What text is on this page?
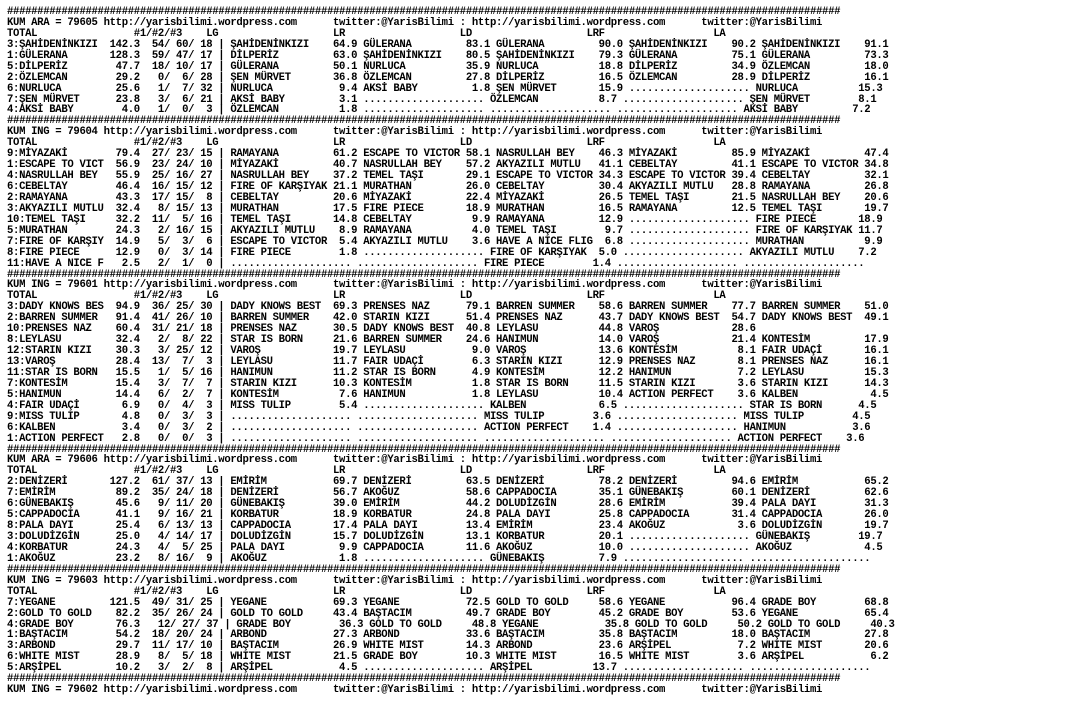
##########################################################################################################################################
KUM ARA = 79605 http://yarisbilimi.wordpress.com      twitter:@YarisBilimi : http://yarisbilimi.wordpress.com      twitter:@YarisBilimi
TOTAL                #1/#2/#3    LG                   LR                   LD                   LRF                  LA
3:ŞAHİDENİNKIZI  142.3  54/ 60/ 18 | ŞAHİDENİNKIZI    64.9 GÜLERANA         83.1 GÜLERANA         90.0 ŞAHİDENİNKIZI    90.2 ŞAHİDENİNKIZI    91.1
1:GÜLERANA       128.3  59/ 47/ 17 | DİLPERİZ         63.0 ŞAHİDENİNKIZI    80.5 ŞAHİDENİNKIZI    79.3 GÜLERANA         75.1 GÜLERANA         73.3
5:DİLPERİZ        47.7  18/ 10/ 17 | GÜLERANA         50.1 NURLUCA          35.9 NURLUCA          18.8 DİLPERİZ         34.9 ÖZLEMCAN         18.0
2:ÖZLEMCAN        29.2   0/  6/ 28 | ŞEN MÜRVET       36.8 ÖZLEMCAN         27.8 DİLPERİZ         16.5 ÖZLEMCAN         28.9 DİLPERİZ         16.1
6:NURLUCA         25.6   1/  7/ 32 | NURLUCA           9.4 AKSİ BABY         1.8 ŞEN MÜRVET       15.9 .................... NURLUCA          15.3
7:ŞEN MÜRVET      23.8   3/  6/ 21 | AKSİ BABY         3.1 .................... ÖZLEMCAN          8.7 .................... ŞEN MÜRVET        8.1
4:AKSİ BABY        4.0   1/  0/  3 | ÖZLEMCAN          1.8 .................... .................... .................... AKSİ BABY         7.2
##########################################################################################################################################
KUM ING = 79604 http://yarisbilimi.wordpress.com      twitter:@YarisBilimi : http://yarisbilimi.wordpress.com      twitter:@YarisBilimi
TOTAL                #1/#2/#3    LG                   LR                   LD                   LRF                  LA
9:MİYAZAKİ        79.4  27/ 23/ 15 | RAMAYANA         61.2 ESCAPE TO VICTOR 58.1 NASRULLAH BEY    46.3 MİYAZAKİ         85.9 MİYAZAKİ         47.4
1:ESCAPE TO VICT  56.9  23/ 24/ 10 | MİYAZAKİ         40.7 NASRULLAH BEY    57.2 AKYAZILI MUTLU   41.1 CEBELTAY         41.1 ESCAPE TO VICTOR 34.8
4:NASRULLAH BEY   55.9  25/ 16/ 27 | NASRULLAH BEY    37.2 TEMEL TAŞI       29.1 ESCAPE TO VICTOR 34.3 ESCAPE TO VICTOR 39.4 CEBELTAY         32.1
6:CEBELTAY        46.4  16/ 15/ 12 | FIRE OF KARŞIYAK 21.1 MURATHAN         26.0 CEBELTAY         30.4 AKYAZILI MUTLU   28.8 RAMAYANA         26.8
2:RAMAYANA        43.3  17/ 15/  8 | CEBELTAY         20.6 MİYAZAKİ         22.4 MİYAZAKİ         26.5 TEMEL TAŞI       21.5 NASRULLAH BEY    20.6
3:AKYAZILI MUTLU  32.4   8/ 15/ 13 | MURATHAN         17.5 FIRE PIECE       18.9 MURATHAN         16.5 RAMAYANA         12.5 TEMEL TAŞI       19.7
10:TEMEL TAŞI     32.2  11/  5/ 16 | TEMEL TAŞI       14.8 CEBELTAY          9.9 RAMAYANA         12.9 .................... FIRE PIECE       18.9
5:MURATHAN        24.3   2/ 16/ 15 | AKYAZILI MUTLU    8.9 RAMAYANA          4.0 TEMEL TAŞI        9.7 .................... FIRE OF KARŞIYAK 11.7
7:FIRE OF KARŞIY  14.9   5/  3/  6 | ESCAPE TO VICTOR  5.4 AKYAZILI MUTLU    3.6 HAVE A NICE FLIG  6.8 .................... MURATHAN          9.9
8:FIRE PIECE      12.9   0/  3/ 14 | FIRE PIECE        1.8 .................... FIRE OF KARŞIYAK  5.0 .................... AKYAZILI MUTLU    7.2
11:HAVE A NICE F   2.5   2/  1/  0 | .................... .................... FIRE PIECE        1.4 .................... ....................
##########################################################################################################################################
KUM ING = 79601 http://yarisbilimi.wordpress.com      twitter:@YarisBilimi : http://yarisbilimi.wordpress.com      twitter:@YarisBilimi
TOTAL                #1/#2/#3    LG                   LR                   LD                   LRF                  LA
3:DADY KNOWS BES  94.9  36/ 25/ 30 | DADY KNOWS BEST  69.3 PRENSES NAZ      79.1 BARREN SUMMER    58.6 BARREN SUMMER    77.7 BARREN SUMMER    51.0
2:BARREN SUMMER   91.4  41/ 26/ 10 | BARREN SUMMER    42.0 STARIN KIZI      51.4 PRENSES NAZ      43.7 DADY KNOWS BEST  54.7 DADY KNOWS BEST  49.1
10:PRENSES NAZ    60.4  31/ 21/ 18 | PRENSES NAZ      30.5 DADY KNOWS BEST  40.8 LEYLASU          44.8 VAROŞ            28.6
8:LEYLASU         32.4   2/  8/ 22 | STAR IS BORN     21.6 BARREN SUMMER    24.6 HANIMUN          14.0 VAROŞ            21.4 KONTESİM         17.9
12:STARIN KIZI    30.3   3/ 25/ 12 | VAROŞ            19.7 LEYLASU           9.0 VAROŞ            13.6 KONTESİM          8.1 FAIR UDAÇİ       16.1
13:VAROŞ          28.4  13/  7/  3 | LEYLASU          11.7 FAIR UDAÇİ        6.3 STARIN KIZI      12.9 PRENSES NAZ       8.1 PRENSES NAZ      16.1
11:STAR IS BORN   15.5   1/  5/ 16 | HANIMUN          11.2 STAR IS BORN      4.9 KONTESİM         12.2 HANIMUN           7.2 LEYLASU          15.3
7:KONTESİM        15.4   3/  7/  7 | STARIN KIZI      10.3 KONTESİM          1.8 STAR IS BORN     11.5 STARIN KIZI       3.6 STARIN KIZI      14.3
5:HANIMUN         14.4   6/  2/  7 | KONTESİM          7.6 HANIMUN           1.8 LEYLASU          10.4 ACTION PERFECT    3.6 KALBEN            4.5
4:FAIR UDAÇİ       6.9   0/  4/  3 | MISS TULIP        5.4 .................... KALBEN            6.5 .................... STAR IS BORN      4.5
9:MISS TULIP       4.8   0/  3/  3 | .................... .................... MISS TULIP        3.6 .................... MISS TULIP        4.5
6:KALBEN           3.4   0/  3/  2 | .................... .................... ACTION PERFECT    1.4 .................... HANIMUN           3.6
1:ACTION PERFECT   2.8   0/  0/  3 | .................... .................... .................... .................... ACTION PERFECT    3.6
##########################################################################################################################################
KUM ARA = 79606 http://yarisbilimi.wordpress.com      twitter:@YarisBilimi : http://yarisbilimi.wordpress.com      twitter:@YarisBilimi
TOTAL                #1/#2/#3    LG                   LR                   LD                   LRF                  LA
2:DENİZERİ       127.2  61/ 37/ 13 | EMİRİM           69.7 DENİZERİ         63.5 DENİZERİ         78.2 DENİZERİ         94.6 EMİRİM           65.2
7:EMİRİM          89.2  35/ 24/ 18 | DENİZERİ         56.7 AKOĞUZ           58.6 CAPPADOCIA       35.1 GÜNEBAKIŞ        60.1 DENİZERİ         62.6
6:GÜNEBAKIŞ       45.6   9/ 11/ 20 | GÜNEBAKIŞ        39.0 EMİRİM           44.2 DOLUDİZGİN       28.6 EMİRİM           39.4 PALA DAYI        31.3
5:CAPPADOCIA      41.1   9/ 16/ 21 | KORBATUR         18.9 KORBATUR         24.8 PALA DAYI        25.8 CAPPADOCIA       31.4 CAPPADOCIA       26.0
8:PALA DAYI       25.4   6/ 13/ 13 | CAPPADOCIA       17.4 PALA DAYI        13.4 EMİRİM           23.4 AKOĞUZ            3.6 DOLUDİZGİN       19.7
3:DOLUDİZGİN      25.0   4/ 14/ 17 | DOLUDİZGİN       15.7 DOLUDİZGİN       13.1 KORBATUR         20.1 .................... GÜNEBAKIŞ        19.7
4:KORBATUR        24.3   4/  5/ 25 | PALA DAYI         9.9 CAPPADOCIA       11.6 AKOĞUZ           10.0 .................... AKOĞUZ            4.5
1:AKOĞUZ          23.2   8/ 16/  9 | AKOĞUZ            1.8 .................... GÜNEBAKIŞ         7.9 .................... ....................
##########################################################################################################################################
KUM ING = 79603 http://yarisbilimi.wordpress.com      twitter:@YarisBilimi : http://yarisbilimi.wordpress.com      twitter:@YarisBilimi
TOTAL                #1/#2/#3    LG                   LR                   LD                   LRF                  LA
7:YEGANE         121.5  49/ 31/ 25 | YEGANE           69.3 YEGANE           72.5 GOLD TO GOLD     58.6 YEGANE           96.4 GRADE BOY        68.8
2:GOLD TO GOLD    82.2  35/ 26/ 24 | GOLD TO GOLD     43.4 BAŞTACIM         49.7 GRADE BOY        45.2 GRADE BOY        53.6 YEGANE           65.4
4:GRADE BOY       76.3   12/ 27/ 37 | GRADE BOY        36.3 GOLD TO GOLD     48.8 YEGANE           35.8 GOLD TO GOLD     50.2 GOLD TO GOLD     40.3
1:BAŞTACIM        54.2  18/ 20/ 24 | ARBOND           27.3 ARBOND           33.6 BAŞTACIM         35.8 BAŞTACIM         18.0 BAŞTACIM         27.8
3:ARBOND          29.7  11/ 17/ 10 | BAŞTACIM         26.9 WHITE MIST       14.3 ARBOND           23.6 ARŞİPEL           7.2 WHITE MIST       20.6
6:WHITE MIST      28.9   8/  5/ 18 | WHITE MIST       21.5 GRADE BOY        10.3 WHITE MIST       16.5 WHITE MIST        3.6 ARŞİPEL           6.2
5:ARŞİPEL         10.2   3/  2/  8 | ARŞİPEL           4.5 .................... ARŞİPEL          13.7 .................... ....................
##########################################################################################################################################
KUM ING = 79602 http://yarisbilimi.wordpress.com      twitter:@YarisBilimi : http://yarisbilimi.wordpress.com      twitter:@YarisBilimi
